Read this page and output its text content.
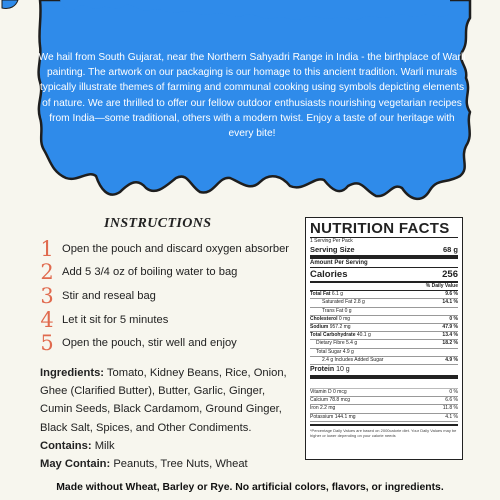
We hail from South Gujarat, near the Northern Sahyadri Range in India - the birthplace of Warli painting. The artwork on our packaging is our homage to this ancient tradition. Warli murals typically illustrate themes of farming and communal cooking using symbols depicting elements of nature. We are thrilled to offer our fellow outdoor enthusiasts nourishing vegetarian recipes from India—some traditional, others with a modern twist. Enjoy a taste of our heritage with every bite!
INSTRUCTIONS
1 Open the pouch and discard oxygen absorber
2 Add 5 3/4 oz of boiling water to bag
3 Stir and reseal bag
4 Let it sit for 5 minutes
5 Open the pouch, stir well and enjoy
Ingredients: Tomato, Kidney Beans, Rice, Onion, Ghee (Clarified Butter), Butter, Garlic, Ginger, Cumin Seeds, Black Cardamom, Ground Ginger, Black Salt, Spices, and Other Condiments.
Contains: Milk
May Contain: Peanuts, Tree Nuts, Wheat
NUTRITION FACTS
1 Serving Per Pack
Serving Size	68 g
Amount Per Serving
Calories	256
% Daily Value
Total Fat 6.1 g	9.6 %
Saturated Fat 2.8 g	14.1 %
Trans Fat 0 g
Cholesterol 0 mg	0 %
Sodium 957.2 mg	47.9 %
Total Carbohydrate 40.1 g	13.4 %
Dietary Fibre 5.4 g	18.2 %
Total Sugar 4.9 g
2.4 g Includes Added Sugar	4.9 %
Protein 10 g
Vitamin D 0 mcg	0 %
Calcium 78.8 mcg	6.6 %
Iron 2.2 mg	11.8 %
Potassium 144.1 mg	4.1 %
*Percentage Daily Values are based on 2000calorie diet. Your Daily Values may be higher or lower depending on your calorie needs
Made without Wheat, Barley or Rye. No artificial colors, flavors, or ingredients.
